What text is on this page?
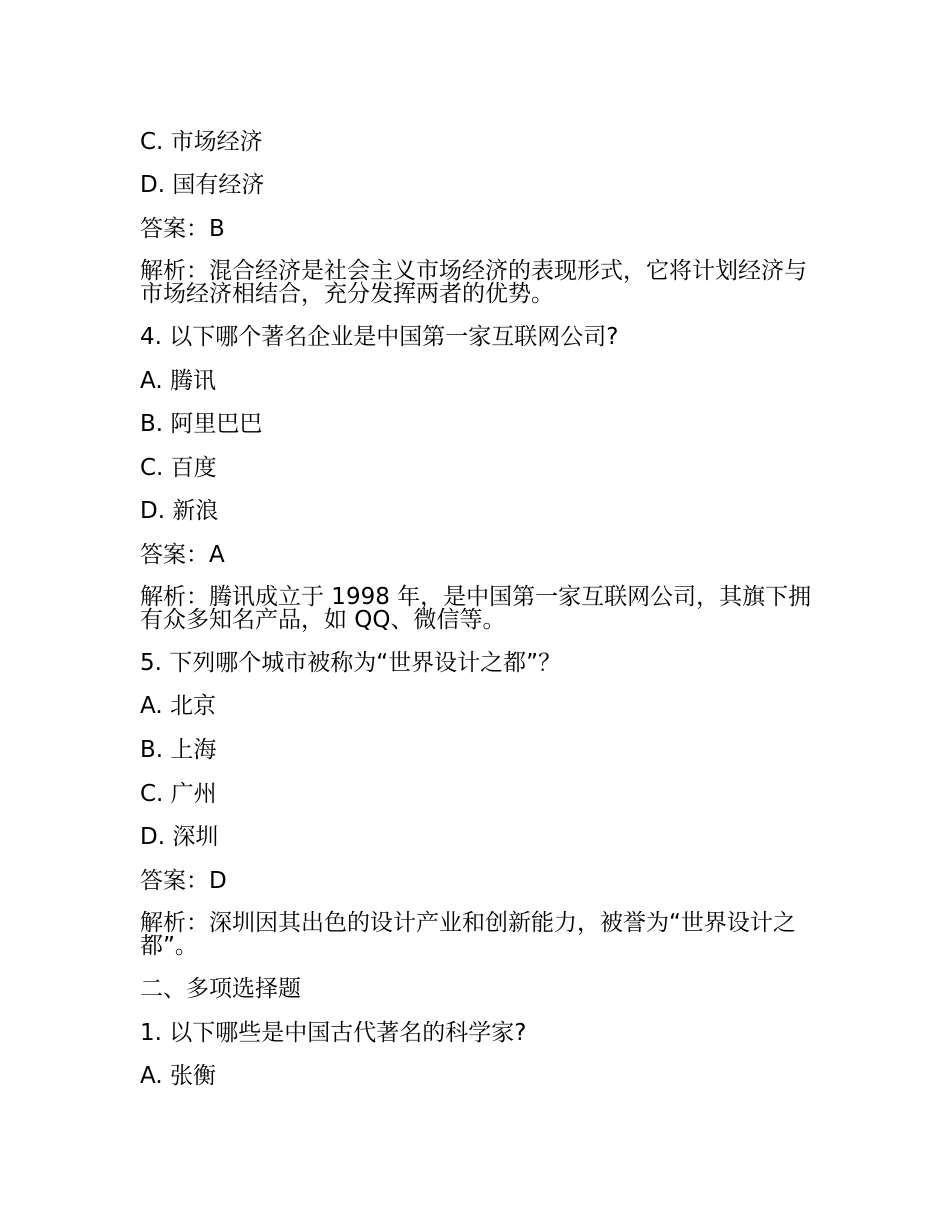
C. 市场经济
D. 国有经济
答案：B
解析：混合经济是社会主义市场经济的表现形式，它将计划经济与市场经济相结合，充分发挥两者的优势。
4. 以下哪个著名企业是中国第一家互联网公司?
A. 腾讯
B. 阿里巴巴
C. 百度
D. 新浪
答案：A
解析：腾讯成立于 1998 年，是中国第一家互联网公司，其旗下拥有众多知名产品，如 QQ、微信等。
5. 下列哪个城市被称为“世界设计之都”？
A. 北京
B. 上海
C. 广州
D. 深圳
答案：D
解析：深圳因其出色的设计产业和创新能力，被誉为“世界设计之都”。
二、多项选择题
1. 以下哪些是中国古代著名的科学家?
A. 张衡
